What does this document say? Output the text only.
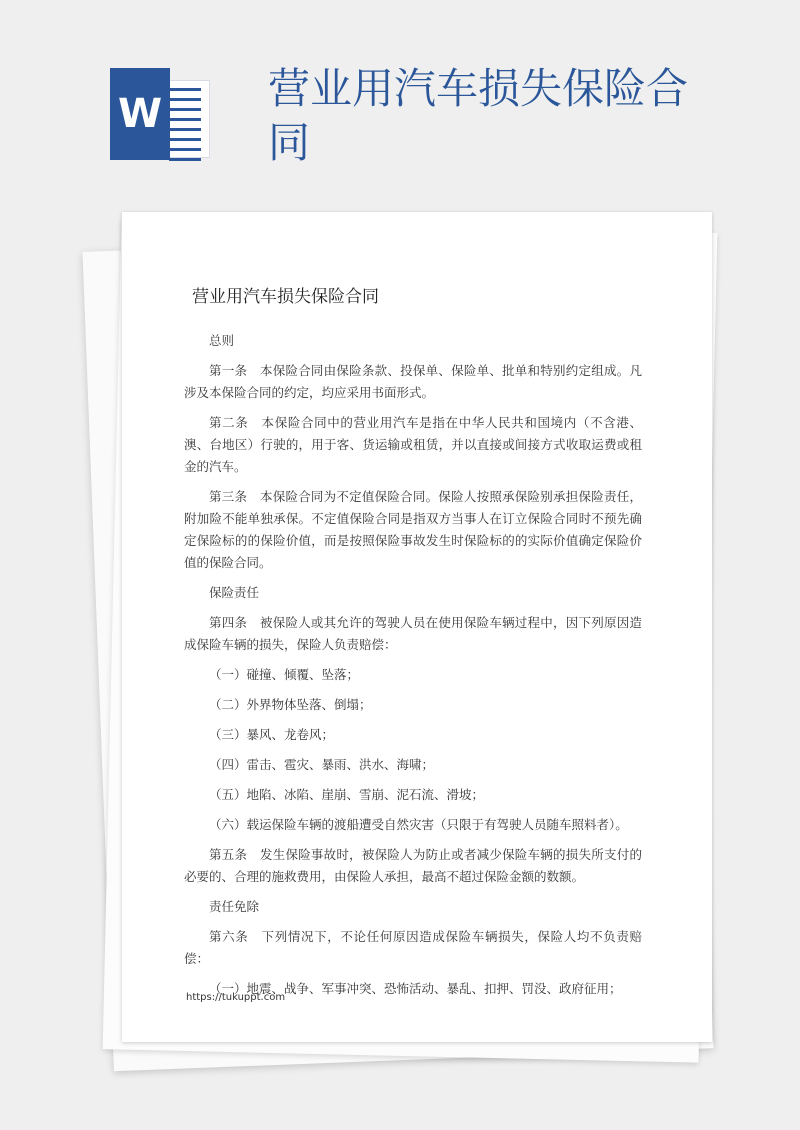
W
营业用汽车损失保险合同
营业用汽车损失保险合同

总则

第一条　本保险合同由保险条款、投保单、保险单、批单和特别约定组成。凡涉及本保险合同的约定，均应采用书面形式。

第二条　本保险合同中的营业用汽车是指在中华人民共和国境内（不含港、澳、台地区）行驶的，用于客、货运输或租赁，并以直接或间接方式收取运费或租金的汽车。

第三条　本保险合同为不定值保险合同。保险人按照承保险别承担保险责任，附加险不能单独承保。不定值保险合同是指双方当事人在订立保险合同时不预先确定保险标的的保险价值，而是按照保险事故发生时保险标的的实际价值确定保险价值的保险合同。

保险责任

第四条　被保险人或其允许的驾驶人员在使用保险车辆过程中，因下列原因造成保险车辆的损失，保险人负责赔偿：

（一）碰撞、倾覆、坠落；

（二）外界物体坠落、倒塌；

（三）暴风、龙卷风；

（四）雷击、雹灾、暴雨、洪水、海啸；

（五）地陷、冰陷、崖崩、雪崩、泥石流、滑坡；

（六）载运保险车辆的渡船遭受自然灾害（只限于有驾驶人员随车照料者）。

第五条　发生保险事故时，被保险人为防止或者减少保险车辆的损失所支付的必要的、合理的施救费用，由保险人承担，最高不超过保险金额的数额。

责任免除

第六条　下列情况下，不论任何原因造成保险车辆损失，保险人均不负责赔偿：

（一）地震、战争、军事冲突、恐怖活动、暴乱、扣押、罚没、政府征用；

https://tukuppt.com
